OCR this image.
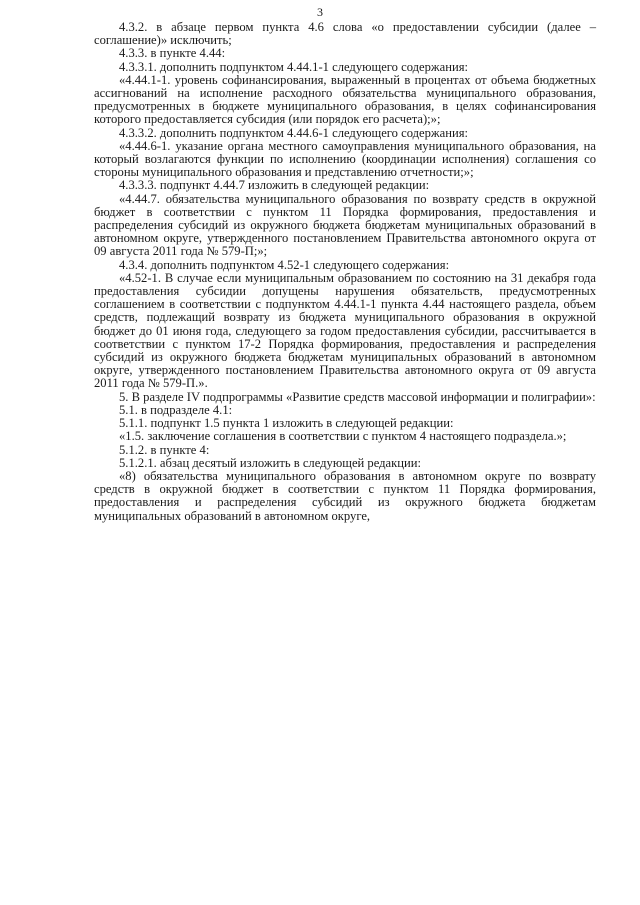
3

4.3.2. в абзаце первом пункта 4.6 слова «о предоставлении субсидии (далее – соглашение)» исключить;

4.3.3. в пункте 4.44:

4.3.3.1. дополнить подпунктом 4.44.1-1 следующего содержания:

«4.44.1-1. уровень софинансирования, выраженный в процентах от объема бюджетных ассигнований на исполнение расходного обязательства муниципального образования, предусмотренных в бюджете муниципального образования, в целях софинансирования которого предоставляется субсидия (или порядок его расчета);»;

4.3.3.2. дополнить подпунктом 4.44.6-1 следующего содержания:

«4.44.6-1. указание органа местного самоуправления муниципального образования, на который возлагаются функции по исполнению (координации исполнения) соглашения со стороны муниципального образования и представлению отчетности;»;

4.3.3.3. подпункт 4.44.7 изложить в следующей редакции:

«4.44.7. обязательства муниципального образования по возврату средств в окружной бюджет в соответствии с пунктом 11 Порядка формирования, предоставления и распределения субсидий из окружного бюджета бюджетам муниципальных образований в автономном округе, утвержденного постановлением Правительства автономного округа от 09 августа 2011 года № 579-П;»;

4.3.4. дополнить подпунктом 4.52-1 следующего содержания:

«4.52-1. В случае если муниципальным образованием по состоянию на 31 декабря года предоставления субсидии допущены нарушения обязательств, предусмотренных соглашением в соответствии с подпунктом 4.44.1-1 пункта 4.44 настоящего раздела, объем средств, подлежащий возврату из бюджета муниципального образования в окружной бюджет до 01 июня года, следующего за годом предоставления субсидии, рассчитывается в соответствии с пунктом 17-2 Порядка формирования, предоставления и распределения субсидий из окружного бюджета бюджетам муниципальных образований в автономном округе, утвержденного постановлением Правительства автономного округа от 09 августа 2011 года № 579-П.».

5. В разделе IV подпрограммы «Развитие средств массовой информации и полиграфии»:

5.1. в подразделе 4.1:

5.1.1. подпункт 1.5 пункта 1 изложить в следующей редакции:

«1.5. заключение соглашения в соответствии с пунктом 4 настоящего подраздела.»;

5.1.2. в пункте 4:

5.1.2.1. абзац десятый изложить в следующей редакции:

«8) обязательства муниципального образования в автономном округе по возврату средств в окружной бюджет в соответствии с пунктом 11 Порядка формирования, предоставления и распределения субсидий из окружного бюджета бюджетам муниципальных образований в автономном округе,
